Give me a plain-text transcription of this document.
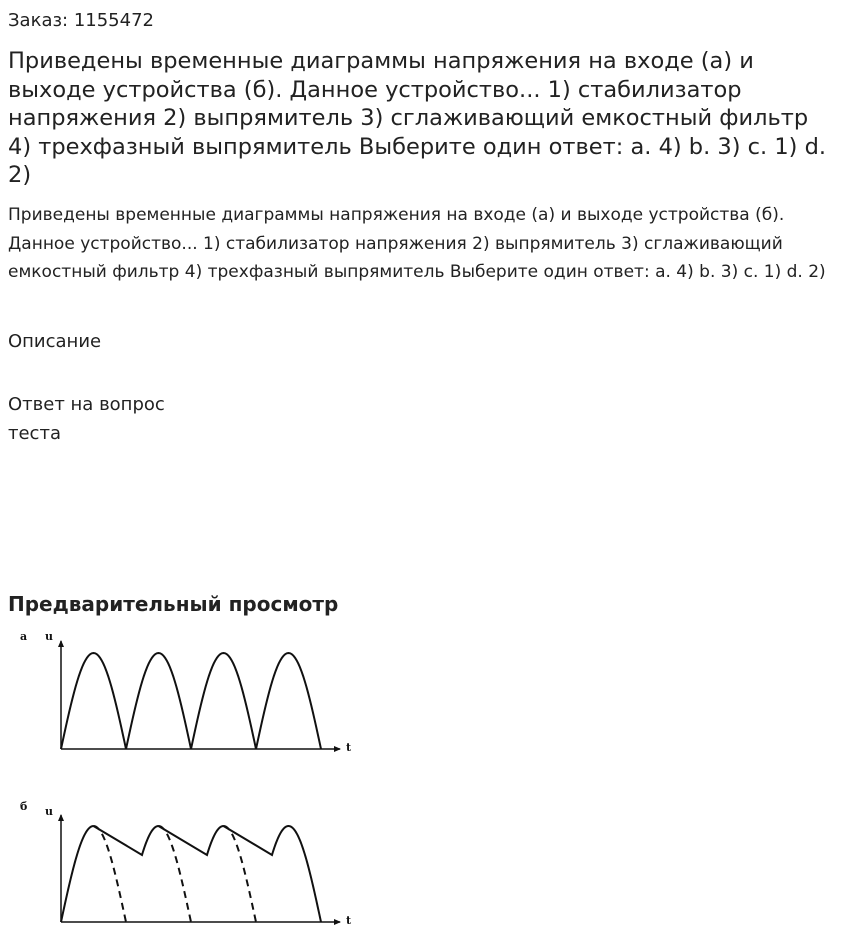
Заказ: 1155472
Приведены временные диаграммы напряжения на входе (а) и выходе устройства (б). Данное устройство... 1) стабилизатор напряжения 2) выпрямитель 3) сглаживающий емкостный фильтр 4) трехфазный выпрямитель Выберите один ответ: a. 4) b. 3) c. 1) d. 2)
Приведены временные диаграммы напряжения на входе (а) и выходе устройства (б). Данное устройство... 1) стабилизатор напряжения 2) выпрямитель 3) сглаживающий емкостный фильтр 4) трехфазный выпрямитель Выберите один ответ: a. 4) b. 3) c. 1) d. 2)
Описание
Ответ на вопрос теста
Предварительный просмотр
а u
t
б u
t
